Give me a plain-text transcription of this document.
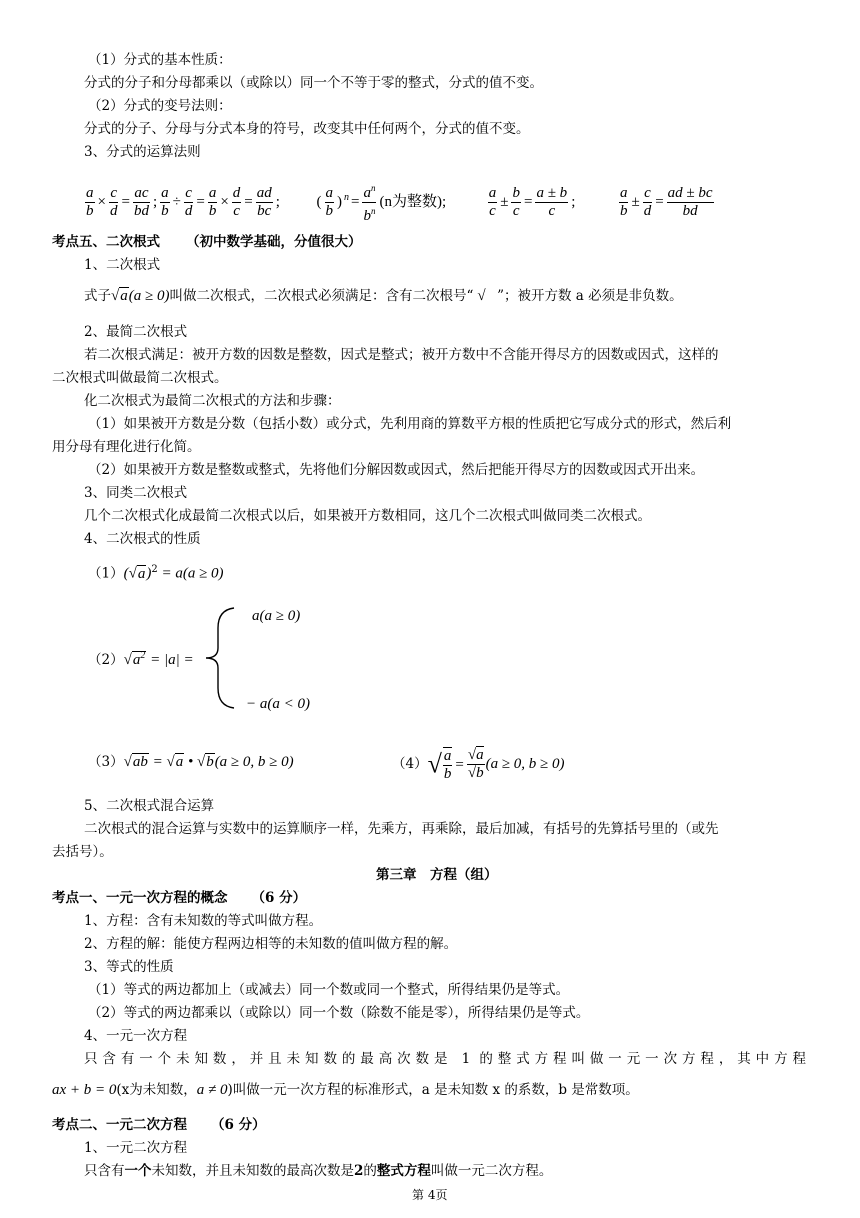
（1）分式的基本性质：
分式的分子和分母都乘以（或除以）同一个不等于零的整式，分式的值不变。
（2）分式的变号法则：
分式的分子、分母与分式本身的符号，改变其中任何两个，分式的值不变。
3、分式的运算法则
$\frac{a}{b} \times \frac{c}{d} = \frac{ac}{bd}$ ; $\frac{a}{b} \div \frac{c}{d} = \frac{a}{b} \times \frac{d}{c} = \frac{ad}{bc}$ ; ( $\frac{a}{b}$ ) $^n = \frac{a^n}{b^n} (n$为整数);	$\frac{a}{c} \pm \frac{b}{c} = \frac{a \pm b}{c}$ ;	$\frac{a}{b} \pm \frac{c}{d} = \frac{ad \pm bc}{bd}$
考点五、二次根式 （初中数学基础，分值很大）
1、二次根式
式子√a(a ≥ 0)叫做二次根式，二次根式必须满足：含有二次根号“ √  ”；被开方数 a 必须是非负数。
2、最简二次根式
若二次根式满足：被开方数的因数是整数，因式是整式；被开方数中不含能开得尽方的因数或因式，这样的
二次根式叫做最简二次根式。
化二次根式为最简二次根式的方法和步骤：
（1）如果被开方数是分数（包括小数）或分式，先利用商的算数平方根的性质把它写成分式的形式，然后利
用分母有理化进行化简。
（2）如果被开方数是整数或整式，先将他们分解因数或因式，然后把能开得尽方的因数或因式开出来。
3、同类二次根式
几个二次根式化成最简二次根式以后，如果被开方数相同，这几个二次根式叫做同类二次根式。
4、二次根式的性质
$(1)(√a)^2 = a(a \ge 0)$
$(2)√a^2 = |a|$ =
a(a ≥ 0)
− a(a < 0)
（3）√ab = √a • √b(a ≥ 0, b ≥ 0)	$(4)√ \frac{a}{b} = \frac{√a}{√b} (a \ge 0$, b ≥ 0)
5、二次根式混合运算
二次根式的混合运算与实数中的运算顺序一样，先乘方，再乘除，最后加减，有括号的先算括号里的（或先
去括号）。
第三章　方程（组）
考点一、一元一次方程的概念 （6 分）
1、方程：含有未知数的等式叫做方程。
2、方程的解：能使方程两边相等的未知数的值叫做方程的解。
3、等式的性质
（1）等式的两边都加上（或减去）同一个数或同一个整式，所得结果仍是等式。
（2）等式的两边都乘以（或除以）同一个数（除数不能是零），所得结果仍是等式。
4、一元一次方程
只含有一个未知数，并且未知数的最高次数是 1 的整式方程叫做一元一次方程，其中方程
ax + b = 0(x为未知数，a ≠ 0)叫做一元一次方程的标准形式，a 是未知数 x 的系数，b 是常数项。
考点二、一元二次方程 （6 分）
1、一元二次方程
只含有一个未知数，并且未知数的最高次数是2的整式方程叫做一元二次方程。
第 4页
